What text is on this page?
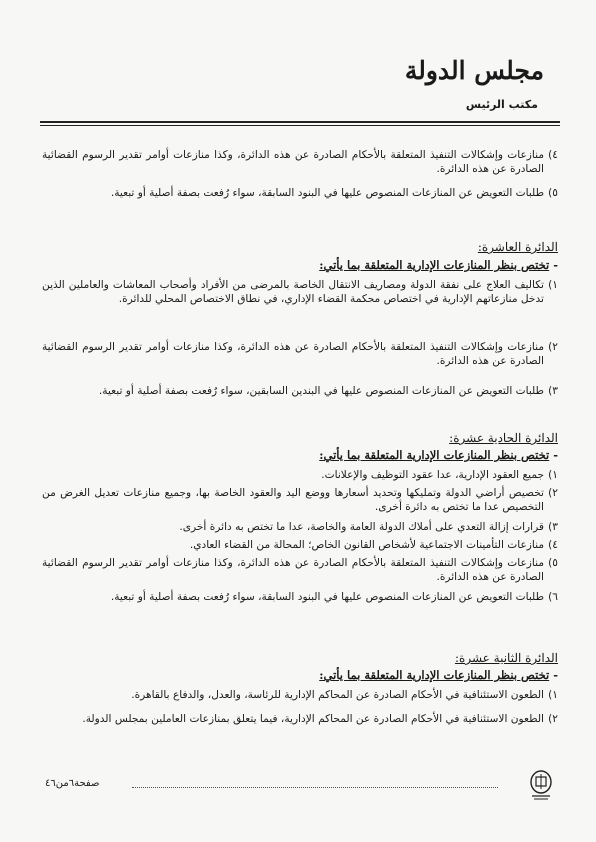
مجلس الدولة
مكتب الرئيس
٤)
منازعات وإشكالات التنفيذ المتعلقة بالأحكام الصادرة عن هذه الدائرة، وكذا منازعات أوامر تقدير الرسوم القضائية الصادرة عن هذه الدائرة.
٥)
طلبات التعويض عن المنازعات المنصوص عليها في البنود السابقة، سواء رُفعت بصفة أصلية أو تبعية.
الدائرة العاشرة:
- تختص بنظر المنازعات الإدارية المتعلقة بما يأتي:
١)
تكاليف العلاج على نفقة الدولة ومصاريف الانتقال الخاصة بالمرضى من الأفراد وأصحاب المعاشات والعاملين الذين تدخل منازعاتهم الإدارية في اختصاص محكمة القضاء الإداري، في نطاق الاختصاص المحلي للدائرة.
٢)
منازعات وإشكالات التنفيذ المتعلقة بالأحكام الصادرة عن هذه الدائرة، وكذا منازعات أوامر تقدير الرسوم القضائية الصادرة عن هذه الدائرة.
٣)
طلبات التعويض عن المنازعات المنصوص عليها في البندين السابقين، سواء رُفعت بصفة أصلية أو تبعية.
الدائرة الحادية عشرة:
- تختص بنظر المنازعات الإدارية المتعلقة بما يأتي:
١)
جميع العقود الإدارية، عدا عقود التوظيف والإعلانات.
٢)
تخصيص أراضي الدولة وتمليكها وتحديد أسعارها ووضع اليد والعقود الخاصة بها، وجميع منازعات تعديل الغرض من التخصيص عدا ما تختص به دائرة أخرى.
٣)
قرارات إزالة التعدي على أملاك الدولة العامة والخاصة، عدا ما تختص به دائرة أخرى.
٤)
منازعات التأمينات الاجتماعية لأشخاص القانون الخاص؛ المحالة من القضاء العادي.
٥)
منازعات وإشكالات التنفيذ المتعلقة بالأحكام الصادرة عن هذه الدائرة، وكذا منازعات أوامر تقدير الرسوم القضائية الصادرة عن هذه الدائرة.
٦)
طلبات التعويض عن المنازعات المنصوص عليها في البنود السابقة، سواء رُفعت بصفة أصلية أو تبعية.
الدائرة الثانية عشرة:
- تختص بنظر المنازعات الإدارية المتعلقة بما يأتي:
١)
الطعون الاستئنافية في الأحكام الصادرة عن المحاكم الإدارية للرئاسة، والعدل، والدفاع بالقاهرة.
٢)
الطعون الاستئنافية في الأحكام الصادرة عن المحاكم الإدارية، فيما يتعلق بمنازعات العاملين بمجلس الدولة.
صفحة٦من٤٦
